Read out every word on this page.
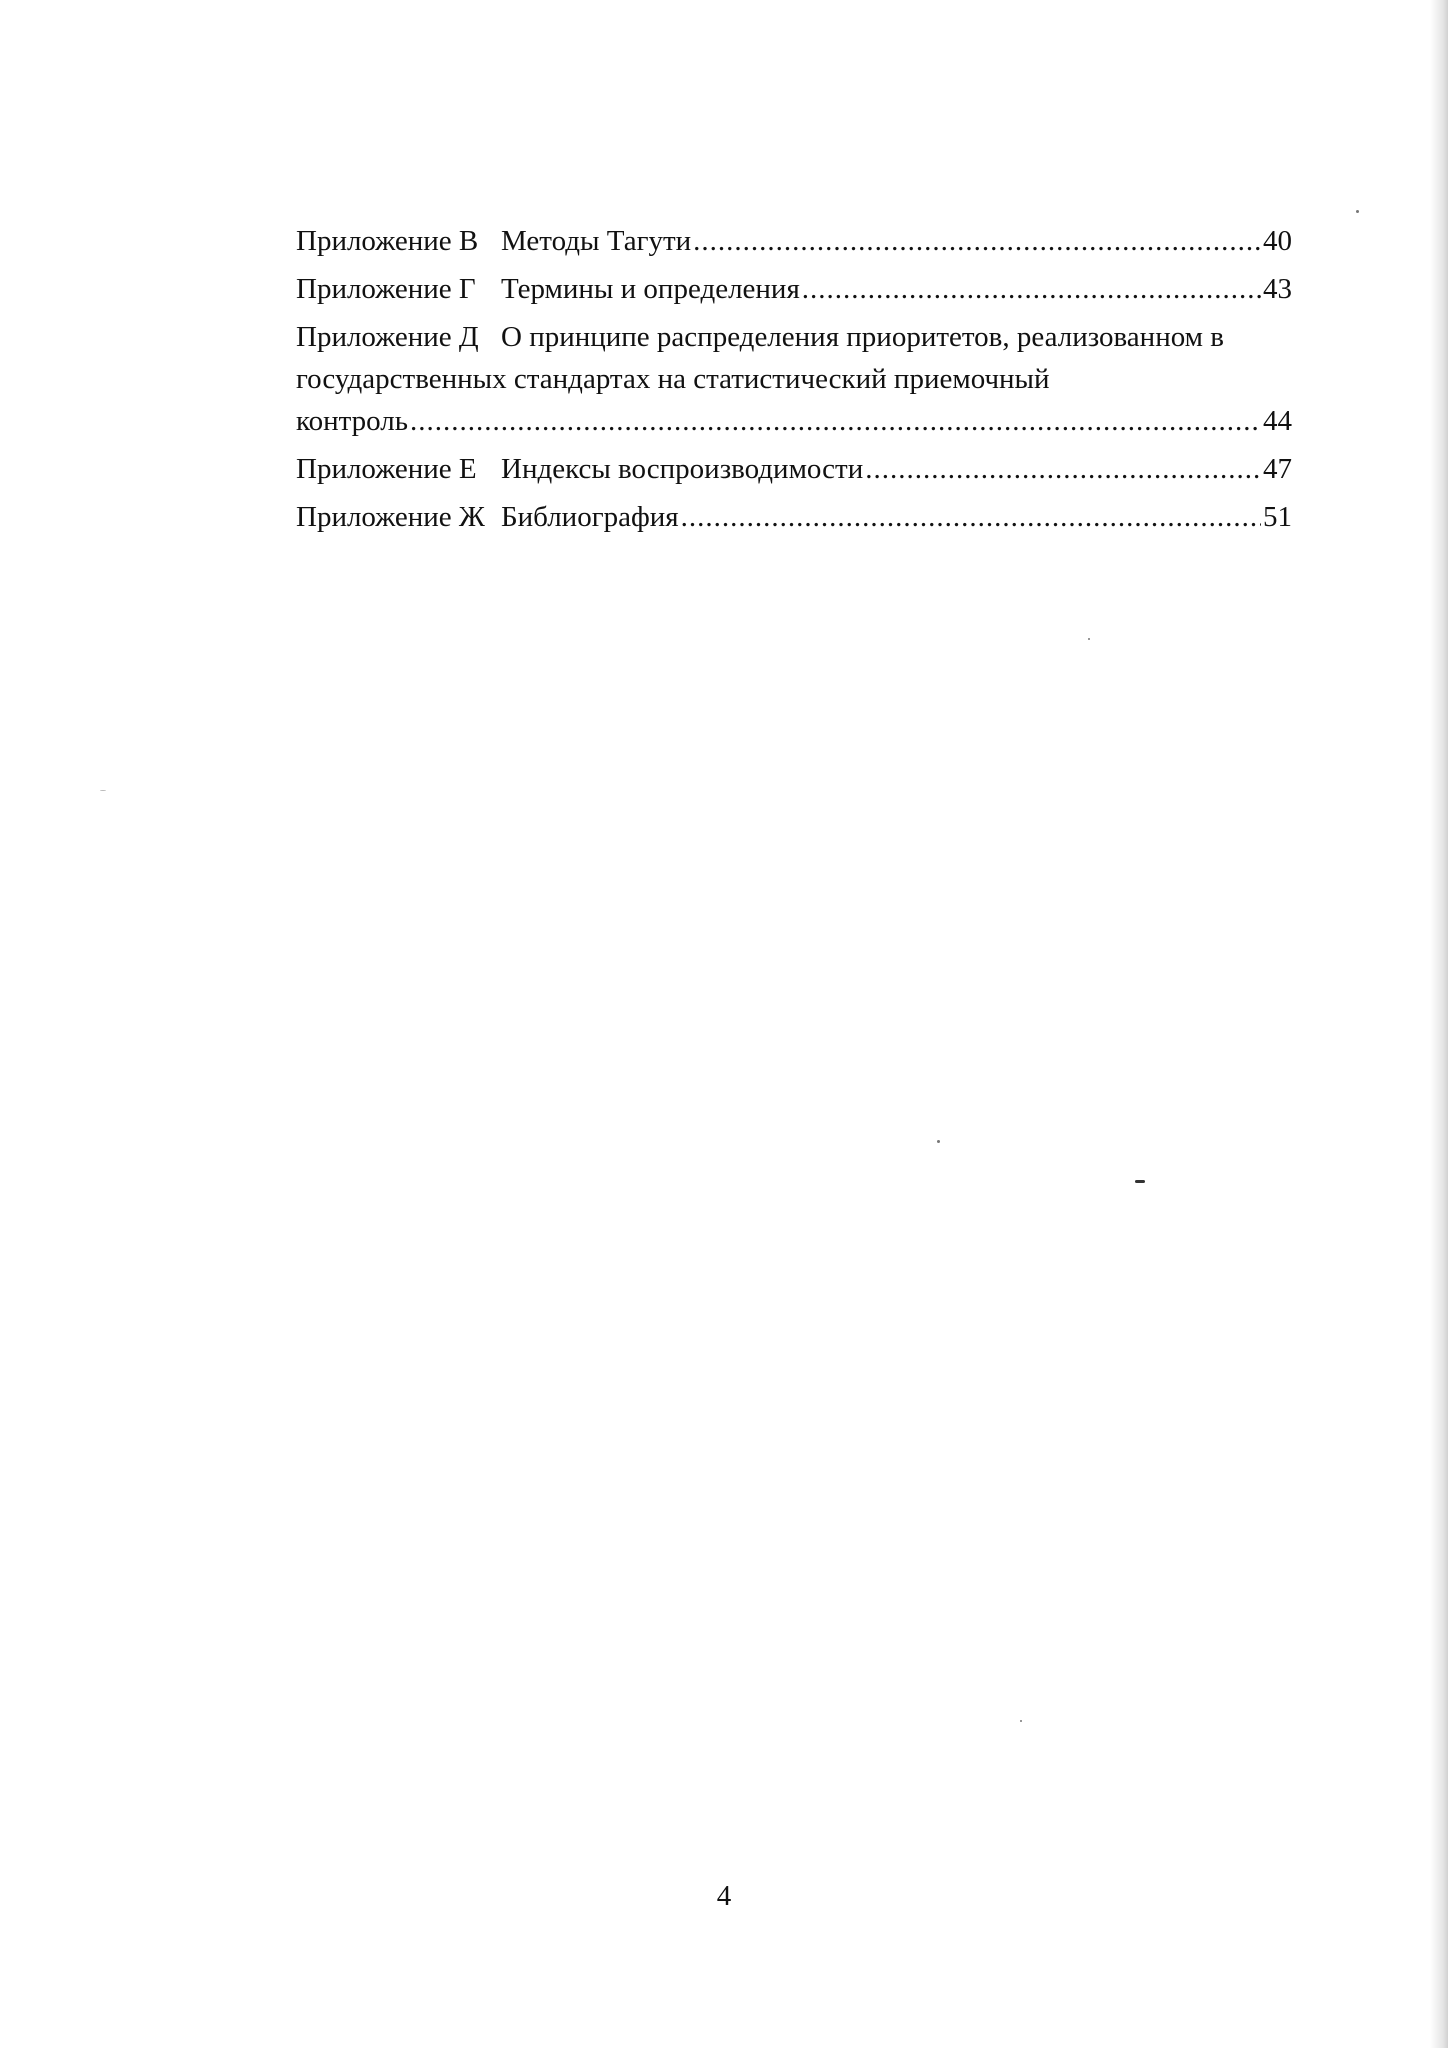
Приложение В Методы Тагути .....	40
Приложение Г Термины и определения .....	43
Приложение Д О принципе распределения приоритетов, реализованном в
государственных стандартах на статистический приемочный
контроль .....	44
Приложение Е Индексы воспроизводимости .....	47
Приложение Ж Библиография .....	51
4
